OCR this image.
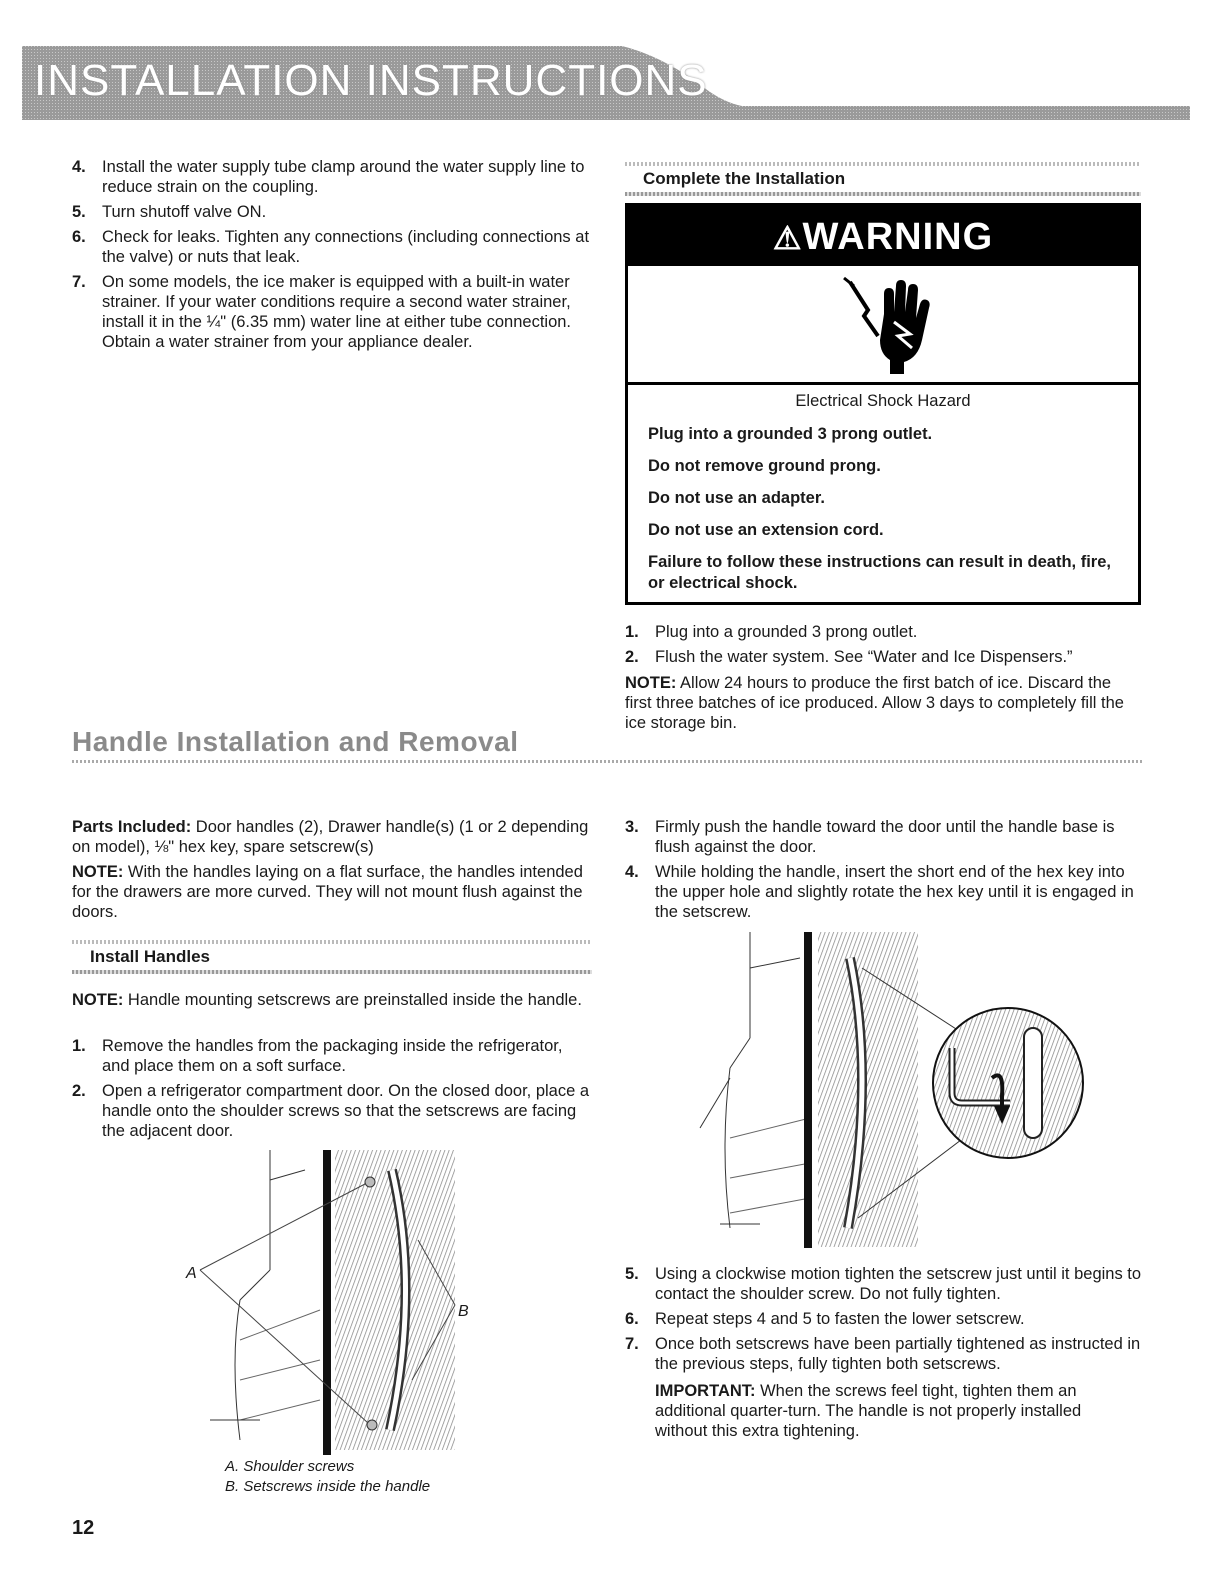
INSTALLATION INSTRUCTIONS
4. Install the water supply tube clamp around the water supply line to reduce strain on the coupling.
5. Turn shutoff valve ON.
6. Check for leaks. Tighten any connections (including connections at the valve) or nuts that leak.
7. On some models, the ice maker is equipped with a built-in water strainer. If your water conditions require a second water strainer, install it in the ¼" (6.35 mm) water line at either tube connection. Obtain a water strainer from your appliance dealer.
Complete the Installation
⚠WARNING

Electrical Shock Hazard

Plug into a grounded 3 prong outlet.

Do not remove ground prong.

Do not use an adapter.

Do not use an extension cord.

Failure to follow these instructions can result in death, fire, or electrical shock.

1. Plug into a grounded 3 prong outlet.
2. Flush the water system. See “Water and Ice Dispensers.”

NOTE: Allow 24 hours to produce the first batch of ice. Discard the first three batches of ice produced. Allow 3 days to completely fill the ice storage bin.

Handle Installation and Removal

Parts Included: Door handles (2), Drawer handle(s) (1 or 2 depending on model), ⅛" hex key, spare setscrew(s)

NOTE: With the handles laying on a flat surface, the handles intended for the drawers are more curved. They will not mount flush against the doors.

Install Handles

NOTE: Handle mounting setscrews are preinstalled inside the handle.

1. Remove the handles from the packaging inside the refrigerator, and place them on a soft surface.
2. Open a refrigerator compartment door. On the closed door, place a handle onto the shoulder screws so that the setscrews are facing the adjacent door.
A
B
A. Shoulder screws
B. Setscrews inside the handle
3. Firmly push the handle toward the door until the handle base is flush against the door.
4. While holding the handle, insert the short end of the hex key into the upper hole and slightly rotate the hex key until it is engaged in the setscrew.
5. Using a clockwise motion tighten the setscrew just until it begins to contact the shoulder screw. Do not fully tighten.
6. Repeat steps 4 and 5 to fasten the lower setscrew.
7. Once both setscrews have been partially tightened as instructed in the previous steps, fully tighten both setscrews.

IMPORTANT: When the screws feel tight, tighten them an additional quarter-turn. The handle is not properly installed without this extra tightening.

12
